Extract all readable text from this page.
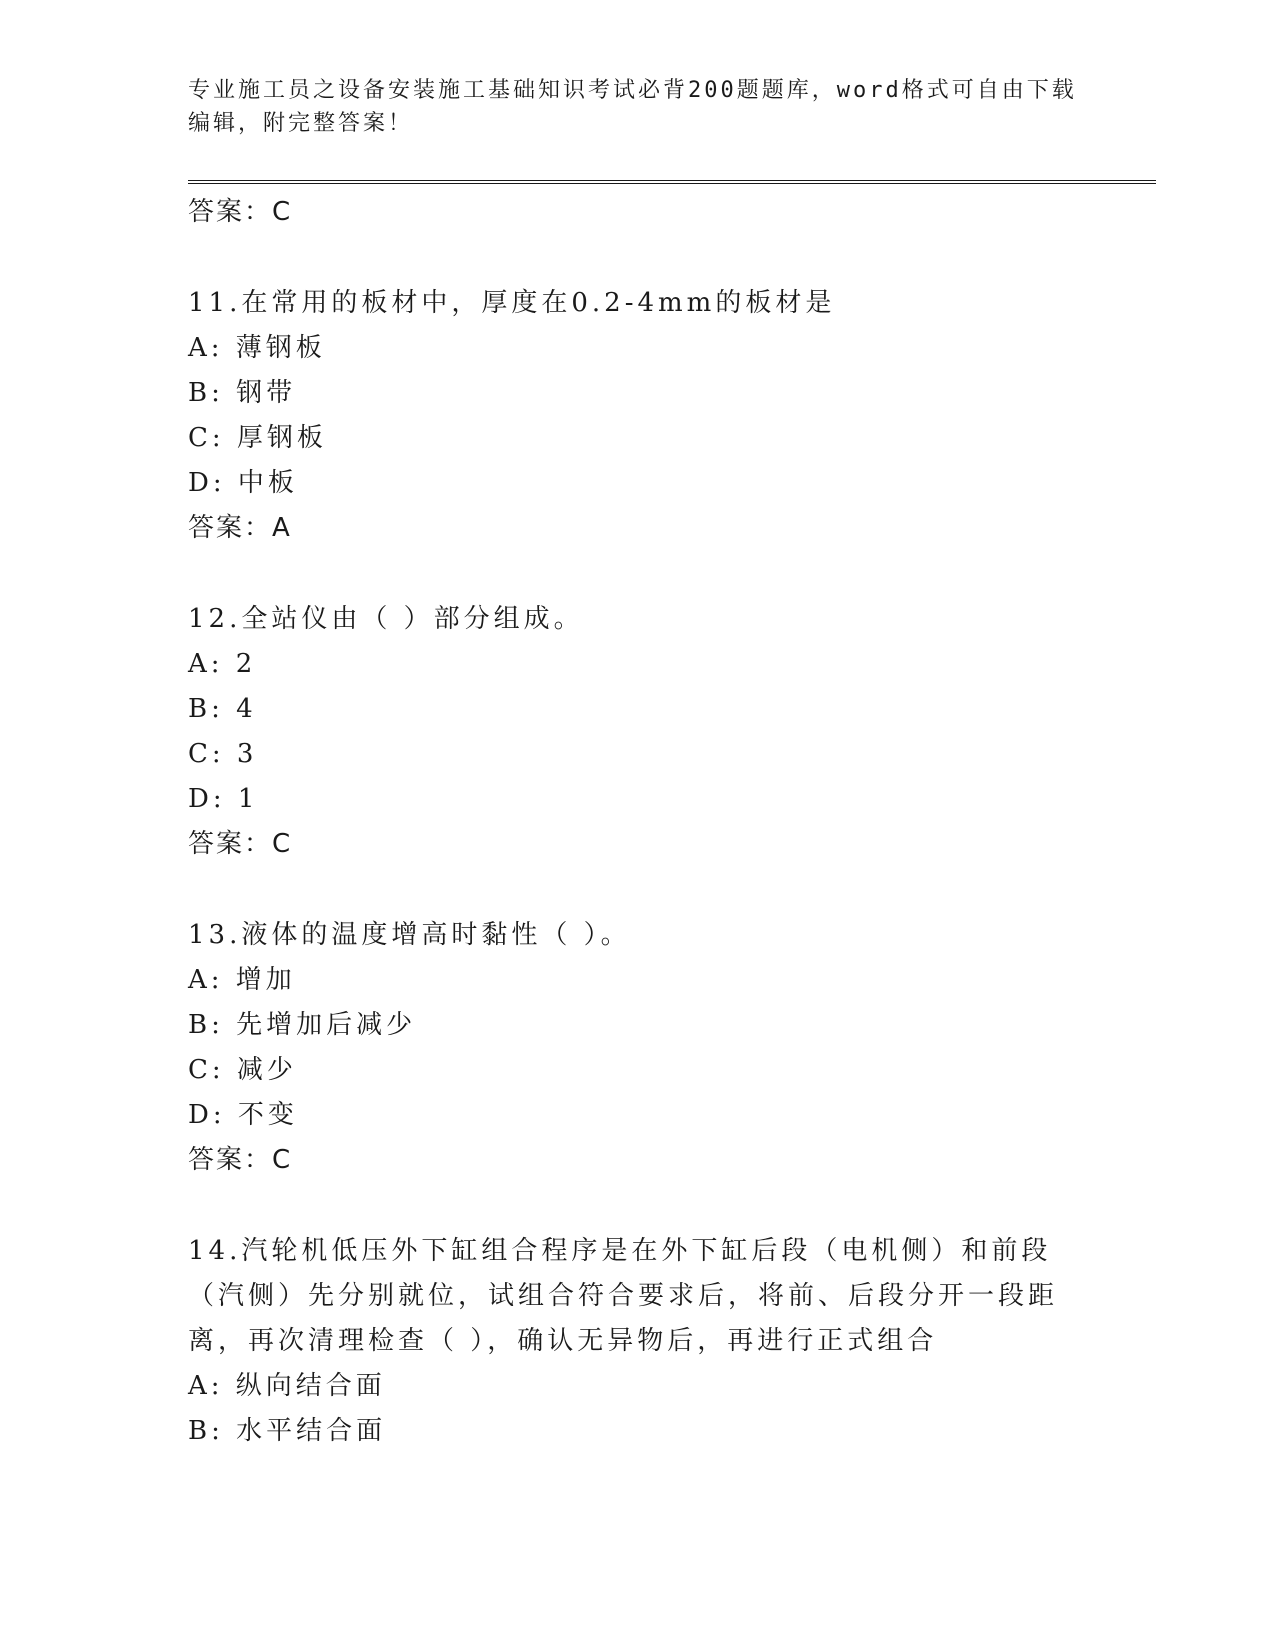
专业施工员之设备安装施工基础知识考试必背200题题库，word格式可自由下载编辑，附完整答案！
答案：C
11.在常用的板材中，厚度在0.2-4mm的板材是
A: 薄钢板
B: 钢带
C: 厚钢板
D: 中板
答案：A
12.全站仪由（ ）部分组成。
A: 2
B: 4
C: 3
D: 1
答案：C
13.液体的温度增高时黏性（ ）。
A: 增加
B: 先增加后减少
C: 减少
D: 不变
答案：C
14.汽轮机低压外下缸组合程序是在外下缸后段（电机侧）和前段（汽侧）先分别就位，试组合符合要求后，将前、后段分开一段距离，再次清理检查（ ），确认无异物后，再进行正式组合
A: 纵向结合面
B: 水平结合面
